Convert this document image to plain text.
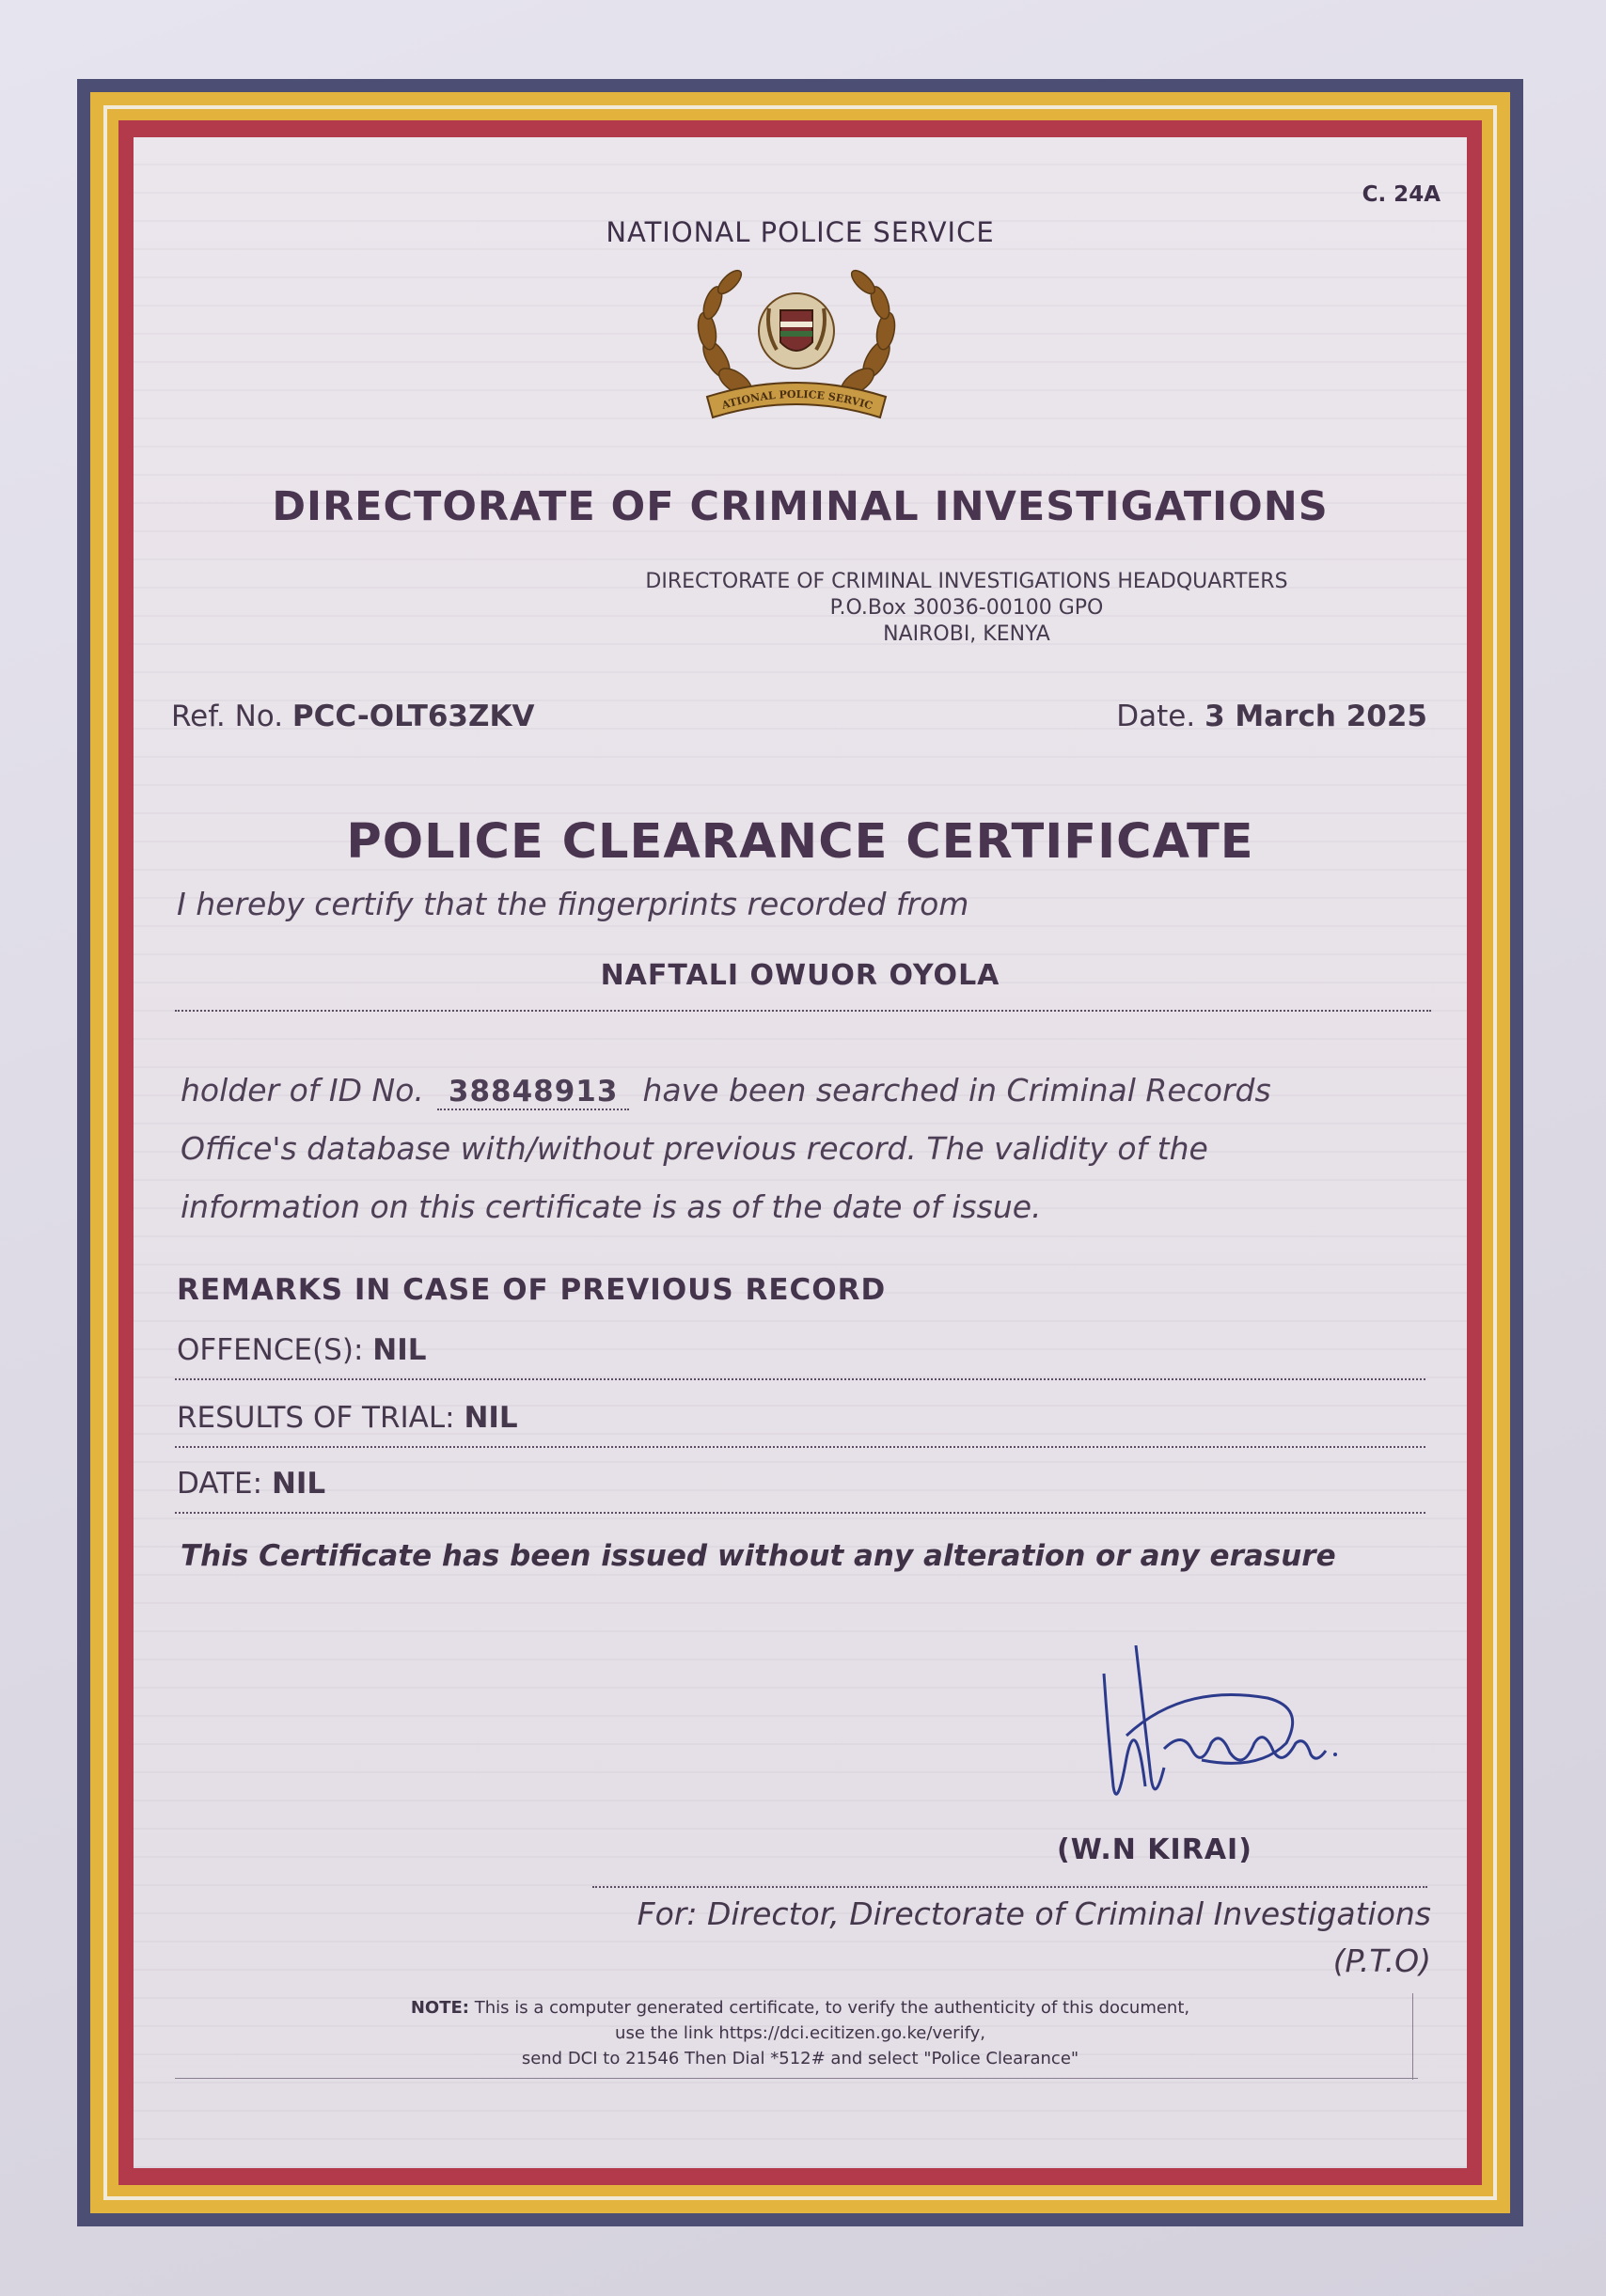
C. 24A
NATIONAL POLICE SERVICE
ATIONAL POLICE SERVIC
DIRECTORATE OF CRIMINAL INVESTIGATIONS
DIRECTORATE OF CRIMINAL INVESTIGATIONS HEADQUARTERS
P.O.Box 30036-00100 GPO
NAIROBI, KENYA
Ref. No. PCC-OLT63ZKV	Date. 3 March 2025
POLICE CLEARANCE CERTIFICATE
I hereby certify that the fingerprints recorded from
NAFTALI OWUOR OYOLA
holder of ID No. 38848913 have been searched in Criminal Records
Office's database with/without previous record. The validity of the
information on this certificate is as of the date of issue.
REMARKS IN CASE OF PREVIOUS RECORD
OFFENCE(S): NIL
RESULTS OF TRIAL: NIL
DATE: NIL
This Certificate has been issued without any alteration or any erasure
(W.N KIRAI)
For: Director, Directorate of Criminal Investigations
(P.T.O)
NOTE: This is a computer generated certificate, to verify the authenticity of this document,
use the link https://dci.ecitizen.go.ke/verify,
send DCI to 21546 Then Dial *512# and select "Police Clearance"
